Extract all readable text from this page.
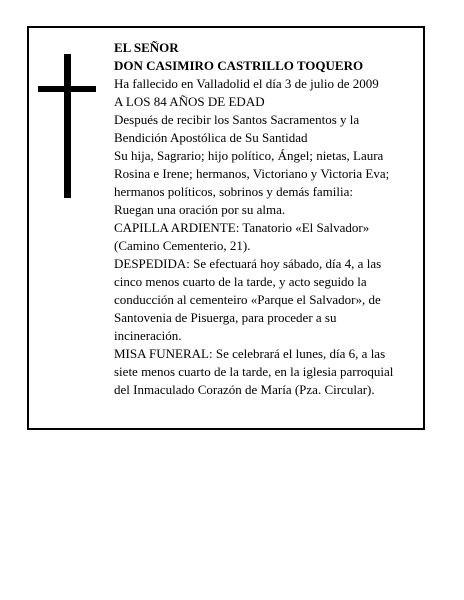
EL SEÑOR
DON CASIMIRO CASTRILLO TOQUERO
Ha fallecido en Valladolid el día 3 de julio de 2009
A LOS 84 AÑOS DE EDAD
Después de recibir los Santos Sacramentos y la
Bendición Apostólica de Su Santidad
Su hija, Sagrario; hijo político, Ángel; nietas, Laura
Rosina e Irene; hermanos, Victoriano y Victoria Eva;
hermanos políticos, sobrinos y demás familia:
Ruegan una oración por su alma.
CAPILLA ARDIENTE: Tanatorio «El Salvador»
(Camino Cementerio, 21).
DESPEDIDA: Se efectuará hoy sábado, día 4, a las
cinco menos cuarto de la tarde, y acto seguido la
conducción al cementeiro «Parque el Salvador», de
Santovenia de Pisuerga, para proceder a su
incineración.
MISA FUNERAL: Se celebrará el lunes, día 6, a las
siete menos cuarto de la tarde, en la iglesia parroquial
del Inmaculado Corazón de María (Pza. Circular).
